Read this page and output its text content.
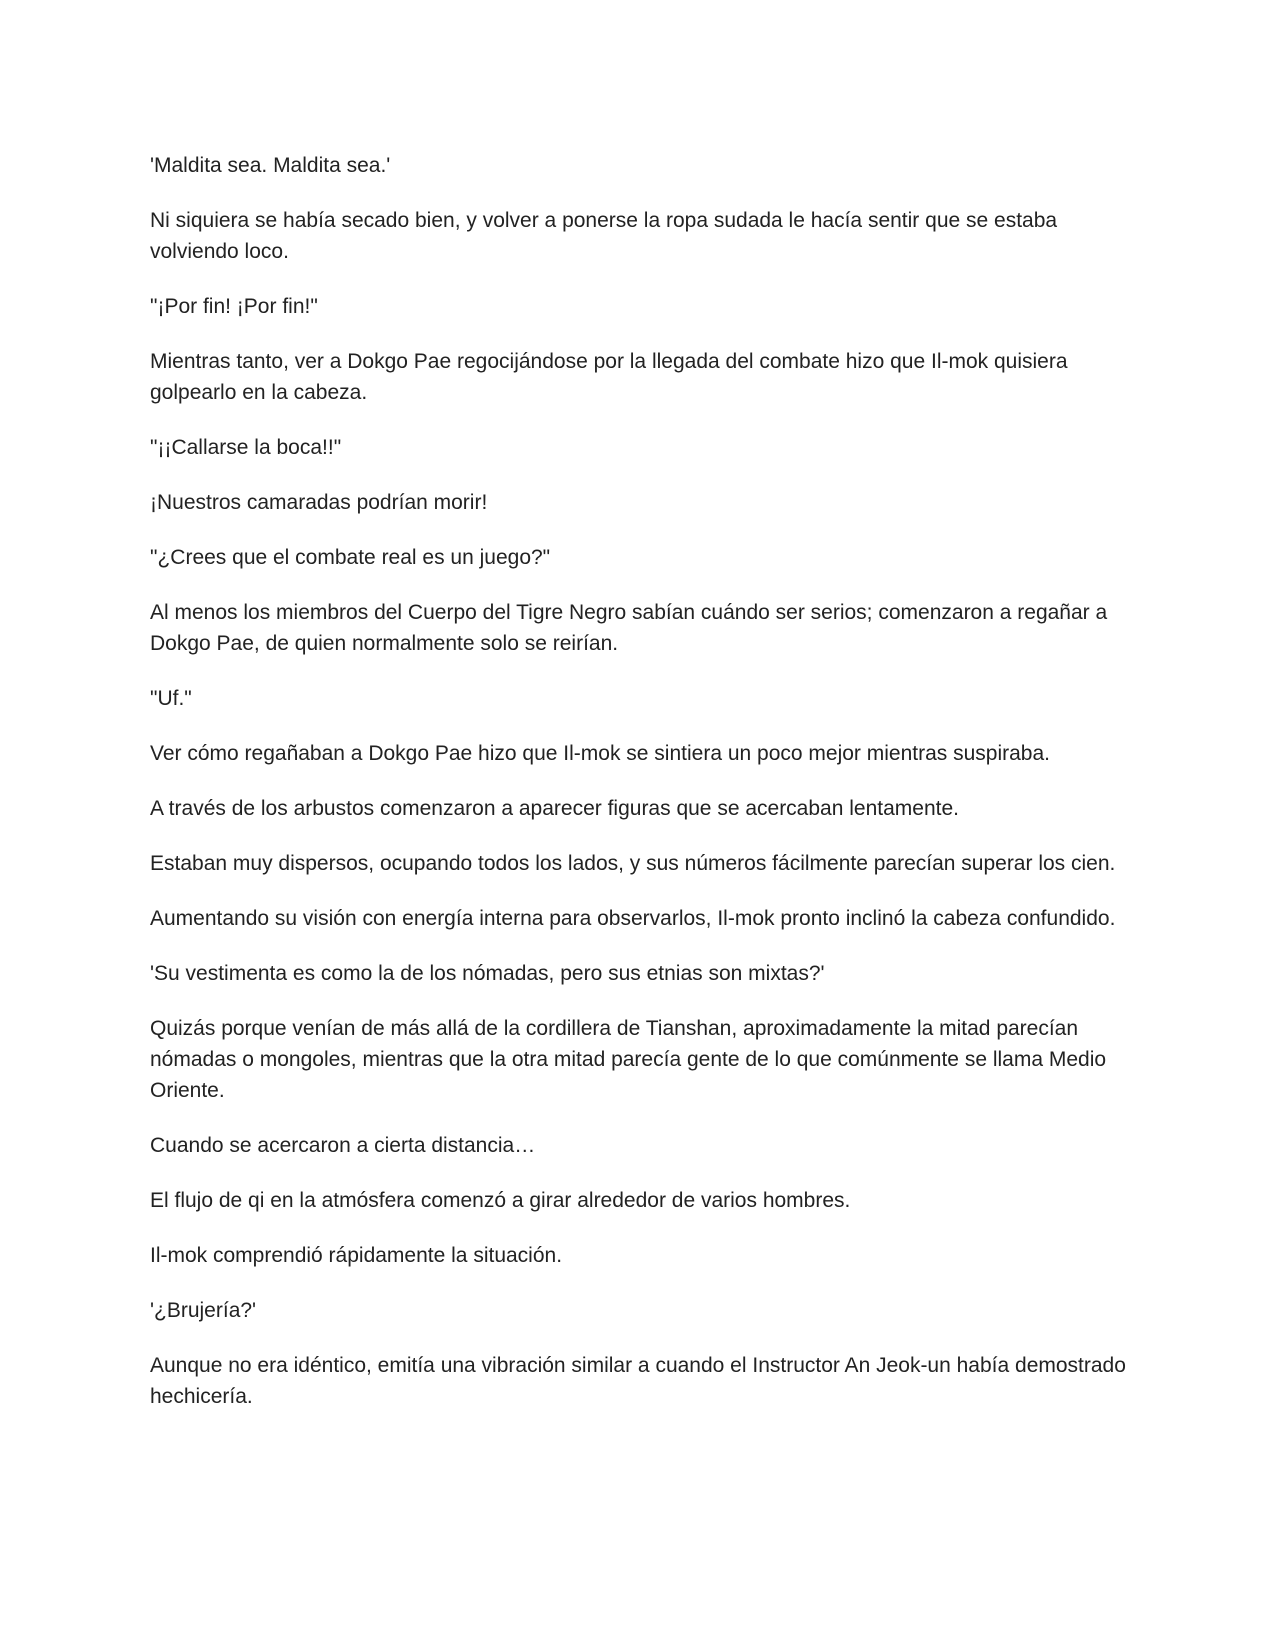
'Maldita sea. Maldita sea.'

Ni siquiera se había secado bien, y volver a ponerse la ropa sudada le hacía sentir que se estaba volviendo loco.

"¡Por fin! ¡Por fin!"

Mientras tanto, ver a Dokgo Pae regocijándose por la llegada del combate hizo que Il-mok quisiera golpearlo en la cabeza.

"¡¡Callarse la boca!!"

¡Nuestros camaradas podrían morir!

"¿Crees que el combate real es un juego?"

Al menos los miembros del Cuerpo del Tigre Negro sabían cuándo ser serios; comenzaron a regañar a Dokgo Pae, de quien normalmente solo se reirían.

"Uf."

Ver cómo regañaban a Dokgo Pae hizo que Il-mok se sintiera un poco mejor mientras suspiraba.

A través de los arbustos comenzaron a aparecer figuras que se acercaban lentamente.

Estaban muy dispersos, ocupando todos los lados, y sus números fácilmente parecían superar los cien.

Aumentando su visión con energía interna para observarlos, Il-mok pronto inclinó la cabeza confundido.

'Su vestimenta es como la de los nómadas, pero sus etnias son mixtas?'

Quizás porque venían de más allá de la cordillera de Tianshan, aproximadamente la mitad parecían nómadas o mongoles, mientras que la otra mitad parecía gente de lo que comúnmente se llama Medio Oriente.

Cuando se acercaron a cierta distancia…

El flujo de qi en la atmósfera comenzó a girar alrededor de varios hombres.

Il-mok comprendió rápidamente la situación.

'¿Brujería?'

Aunque no era idéntico, emitía una vibración similar a cuando el Instructor An Jeok-un había demostrado hechicería.
